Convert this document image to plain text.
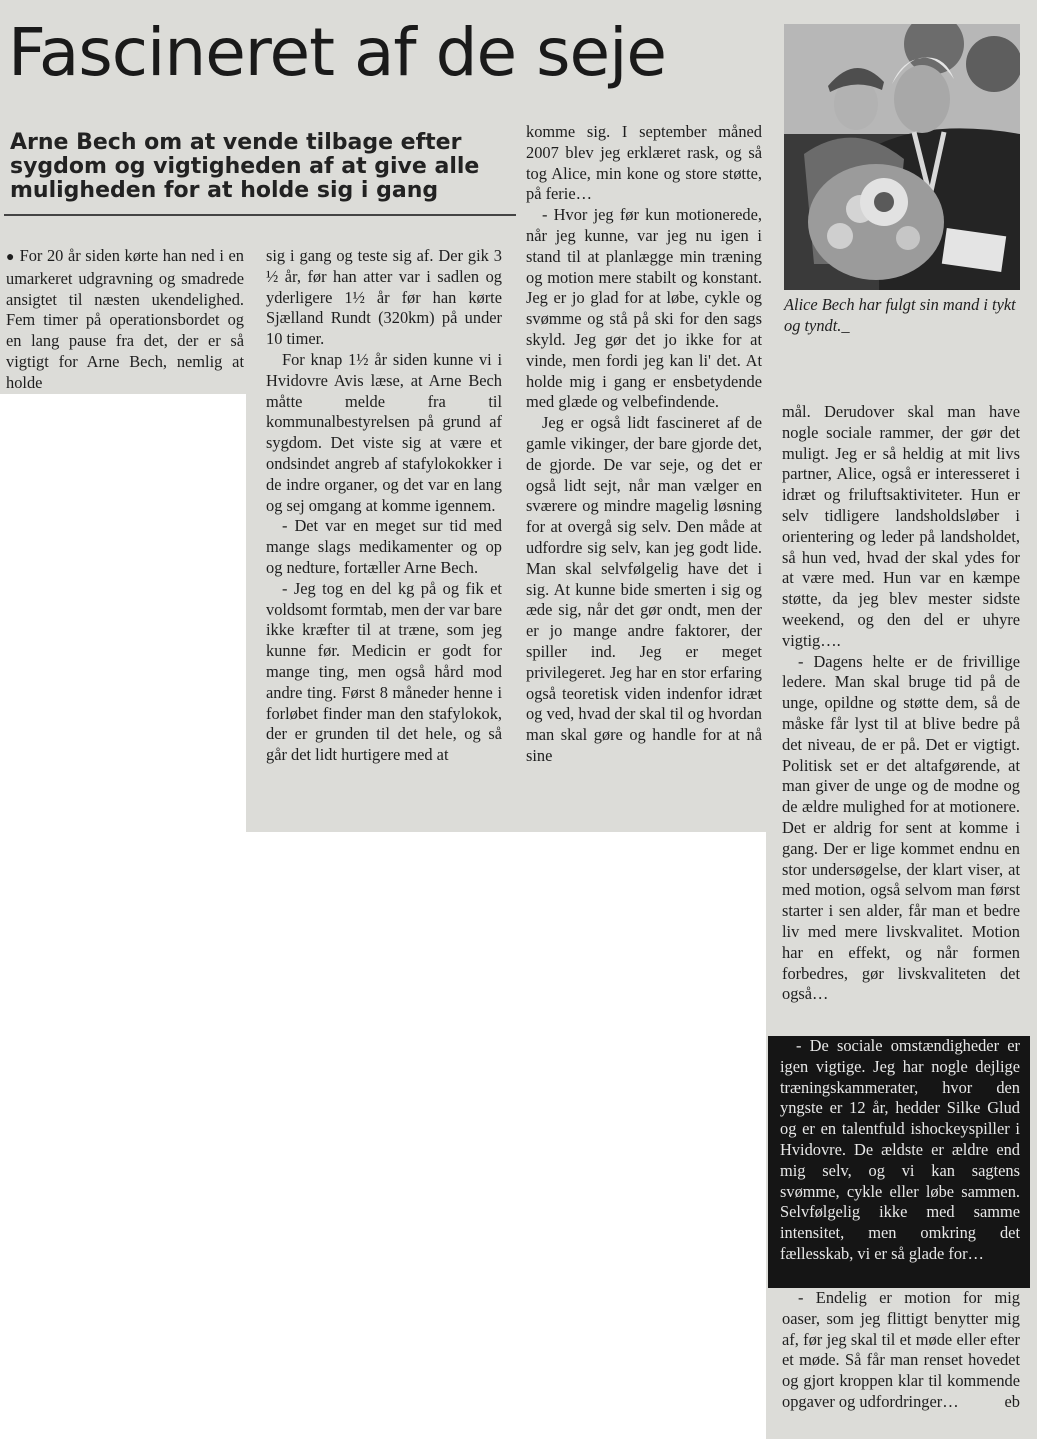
Fascineret af de seje
Arne Bech om at vende tilbage efter sygdom og vigtigheden af at give alle muligheden for at holde sig i gang

● For 20 år siden kørte han ned i en umarkeret udgravning og smadrede ansigtet til næsten ukendelighed. Fem timer på operationsbordet og en lang pause fra det, der er så vigtigt for Arne Bech, nemlig at holde

sig i gang og teste sig af. Der gik 3 ½ år, før han atter var i sadlen og yderligere 1½ år før han kørte Sjælland Rundt (320km) på under 10 timer.

For knap 1½ år siden kunne vi i Hvidovre Avis læse, at Arne Bech måtte melde fra til kommunalbestyrelsen på grund af sygdom. Det viste sig at være et ondsindet angreb af stafylokokker i de indre organer, og det var en lang og sej omgang at komme igennem.

- Det var en meget sur tid med mange slags medikamenter og op og nedture, fortæller Arne Bech.

- Jeg tog en del kg på og fik et voldsomt formtab, men der var bare ikke kræfter til at træne, som jeg kunne før. Medicin er godt for mange ting, men også hård mod andre ting. Først 8 måneder henne i forløbet finder man den stafylokok, der er grunden til det hele, og så går det lidt hurtigere med at

komme sig. I september måned 2007 blev jeg erklæret rask, og så tog Alice, min kone og store støtte, på ferie…

- Hvor jeg før kun motionerede, når jeg kunne, var jeg nu igen i stand til at planlægge min træning og motion mere stabilt og konstant. Jeg er jo glad for at løbe, cykle og svømme og stå på ski for den sags skyld. Jeg gør det jo ikke for at vinde, men fordi jeg kan li' det. At holde mig i gang er ensbetydende med glæde og velbefindende.

Jeg er også lidt fascineret af de gamle vikinger, der bare gjorde det, de gjorde. De var seje, og det er også lidt sejt, når man vælger en sværere og mindre magelig løsning for at overgå sig selv. Den måde at udfordre sig selv, kan jeg godt lide. Man skal selvfølgelig have det i sig. At kunne bide smerten i sig og æde sig, når det gør ondt, men der er jo mange andre faktorer, der spiller ind. Jeg er meget privilegeret. Jeg har en stor erfaring også teoretisk viden indenfor idræt og ved, hvad der skal til og hvordan man skal gøre og handle for at nå sine

Alice Bech har fulgt sin mand i tykt og tyndt._

mål. Derudover skal man have nogle sociale rammer, der gør det muligt. Jeg er så heldig at mit livs partner, Alice, også er interesseret i idræt og friluftsaktiviteter. Hun er selv tidligere landsholdsløber i orientering og leder på landsholdet, så hun ved, hvad der skal ydes for at være med. Hun var en kæmpe støtte, da jeg blev mester sidste weekend, og den del er uhyre vigtig….

- Dagens helte er de frivillige ledere. Man skal bruge tid på de unge, opildne og støtte dem, så de måske får lyst til at blive bedre på det niveau, de er på. Det er vigtigt. Politisk set er det altafgørende, at man giver de unge og de modne og de ældre mulighed for at motionere. Det er aldrig for sent at komme i gang. Der er lige kommet endnu en stor undersøgelse, der klart viser, at med motion, også selvom man først starter i sen alder, får man et bedre liv med mere livskvalitet. Motion har en effekt, og når formen forbedres, gør livskvaliteten det også…

- De sociale omstændigheder er igen vigtige. Jeg har nogle dejlige træningskammerater, hvor den yngste er 12 år, hedder Silke Glud og er en talentfuld ishockeyspiller i Hvidovre. De ældste er ældre end mig selv, og vi kan sagtens svømme, cykle eller løbe sammen. Selvfølgelig ikke med samme intensitet, men omkring det fællesskab, vi er så glade for…

- Endelig er motion for mig oaser, som jeg flittigt benytter mig af, før jeg skal til et møde eller efter et møde. Så får man renset hovedet og gjort kroppen klar til kommende opgaver og udfordringer…	eb
